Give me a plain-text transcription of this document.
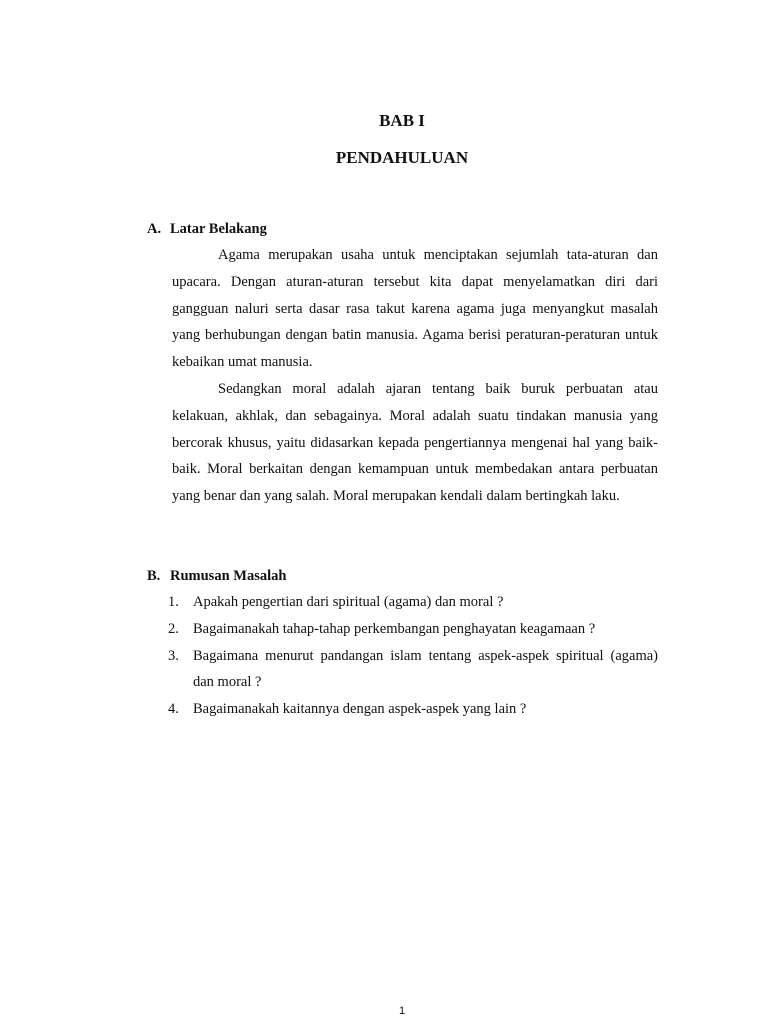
BAB I
PENDAHULUAN
A. Latar Belakang

Agama merupakan usaha untuk menciptakan sejumlah tata-aturan dan upacara. Dengan aturan-aturan tersebut kita dapat menyelamatkan diri dari gangguan naluri serta dasar rasa takut karena agama juga menyangkut masalah yang berhubungan dengan batin manusia. Agama berisi peraturan-peraturan untuk kebaikan umat manusia.

Sedangkan moral adalah ajaran tentang baik buruk perbuatan atau kelakuan, akhlak, dan sebagainya. Moral adalah suatu tindakan manusia yang bercorak khusus, yaitu didasarkan kepada pengertiannya mengenai hal yang baik-baik. Moral berkaitan dengan kemampuan untuk membedakan antara perbuatan yang benar dan yang salah. Moral merupakan kendali dalam bertingkah laku.

B. Rumusan Masalah
1. Apakah pengertian dari spiritual (agama) dan moral ?
2. Bagaimanakah tahap-tahap perkembangan penghayatan keagamaan ?
3. Bagaimana menurut pandangan islam tentang aspek-aspek spiritual (agama) dan moral ?
4. Bagaimanakah kaitannya dengan aspek-aspek yang lain ?

1
